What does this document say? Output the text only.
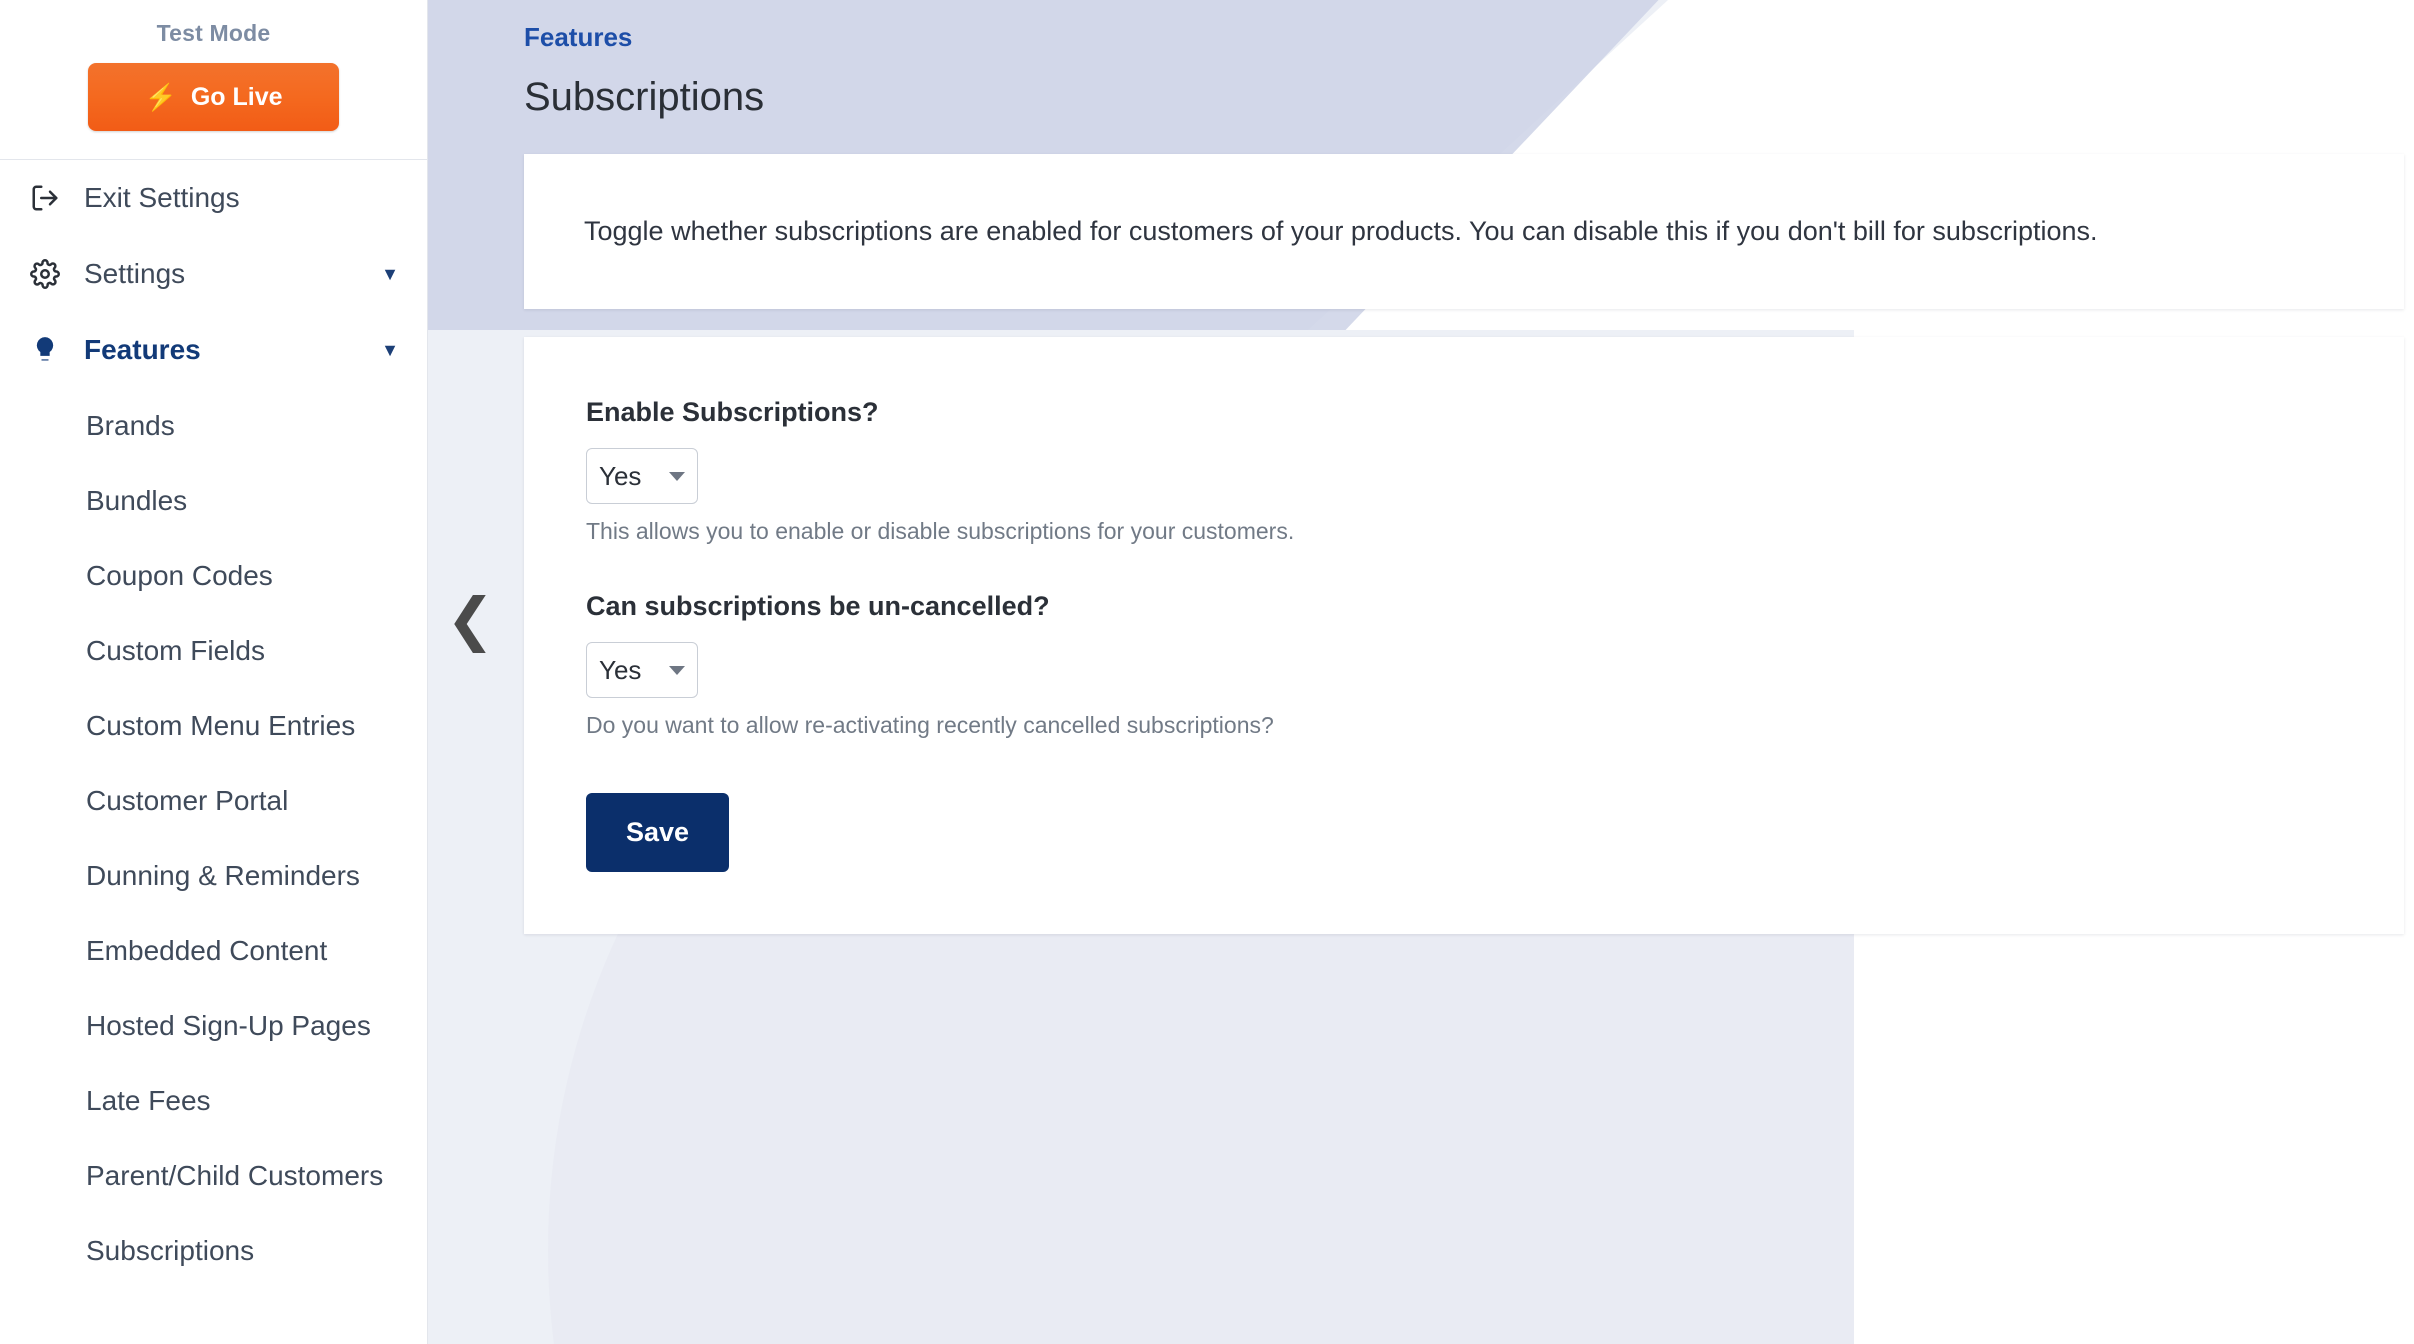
Test Mode
⚡ Go Live
Exit Settings
Settings	▼
Features	▼
Brands
Bundles
Coupon Codes
Custom Fields
Custom Menu Entries
Customer Portal
Dunning & Reminders
Embedded Content
Hosted Sign-Up Pages
Late Fees
Parent/Child Customers
Subscriptions
❮
Features
Subscriptions
Toggle whether subscriptions are enabled for customers of your products. You can disable this if you don't bill for subscriptions.
Enable Subscriptions?
Yes
This allows you to enable or disable subscriptions for your customers.
Can subscriptions be un-cancelled?
Yes
Do you want to allow re-activating recently cancelled subscriptions?
Save
